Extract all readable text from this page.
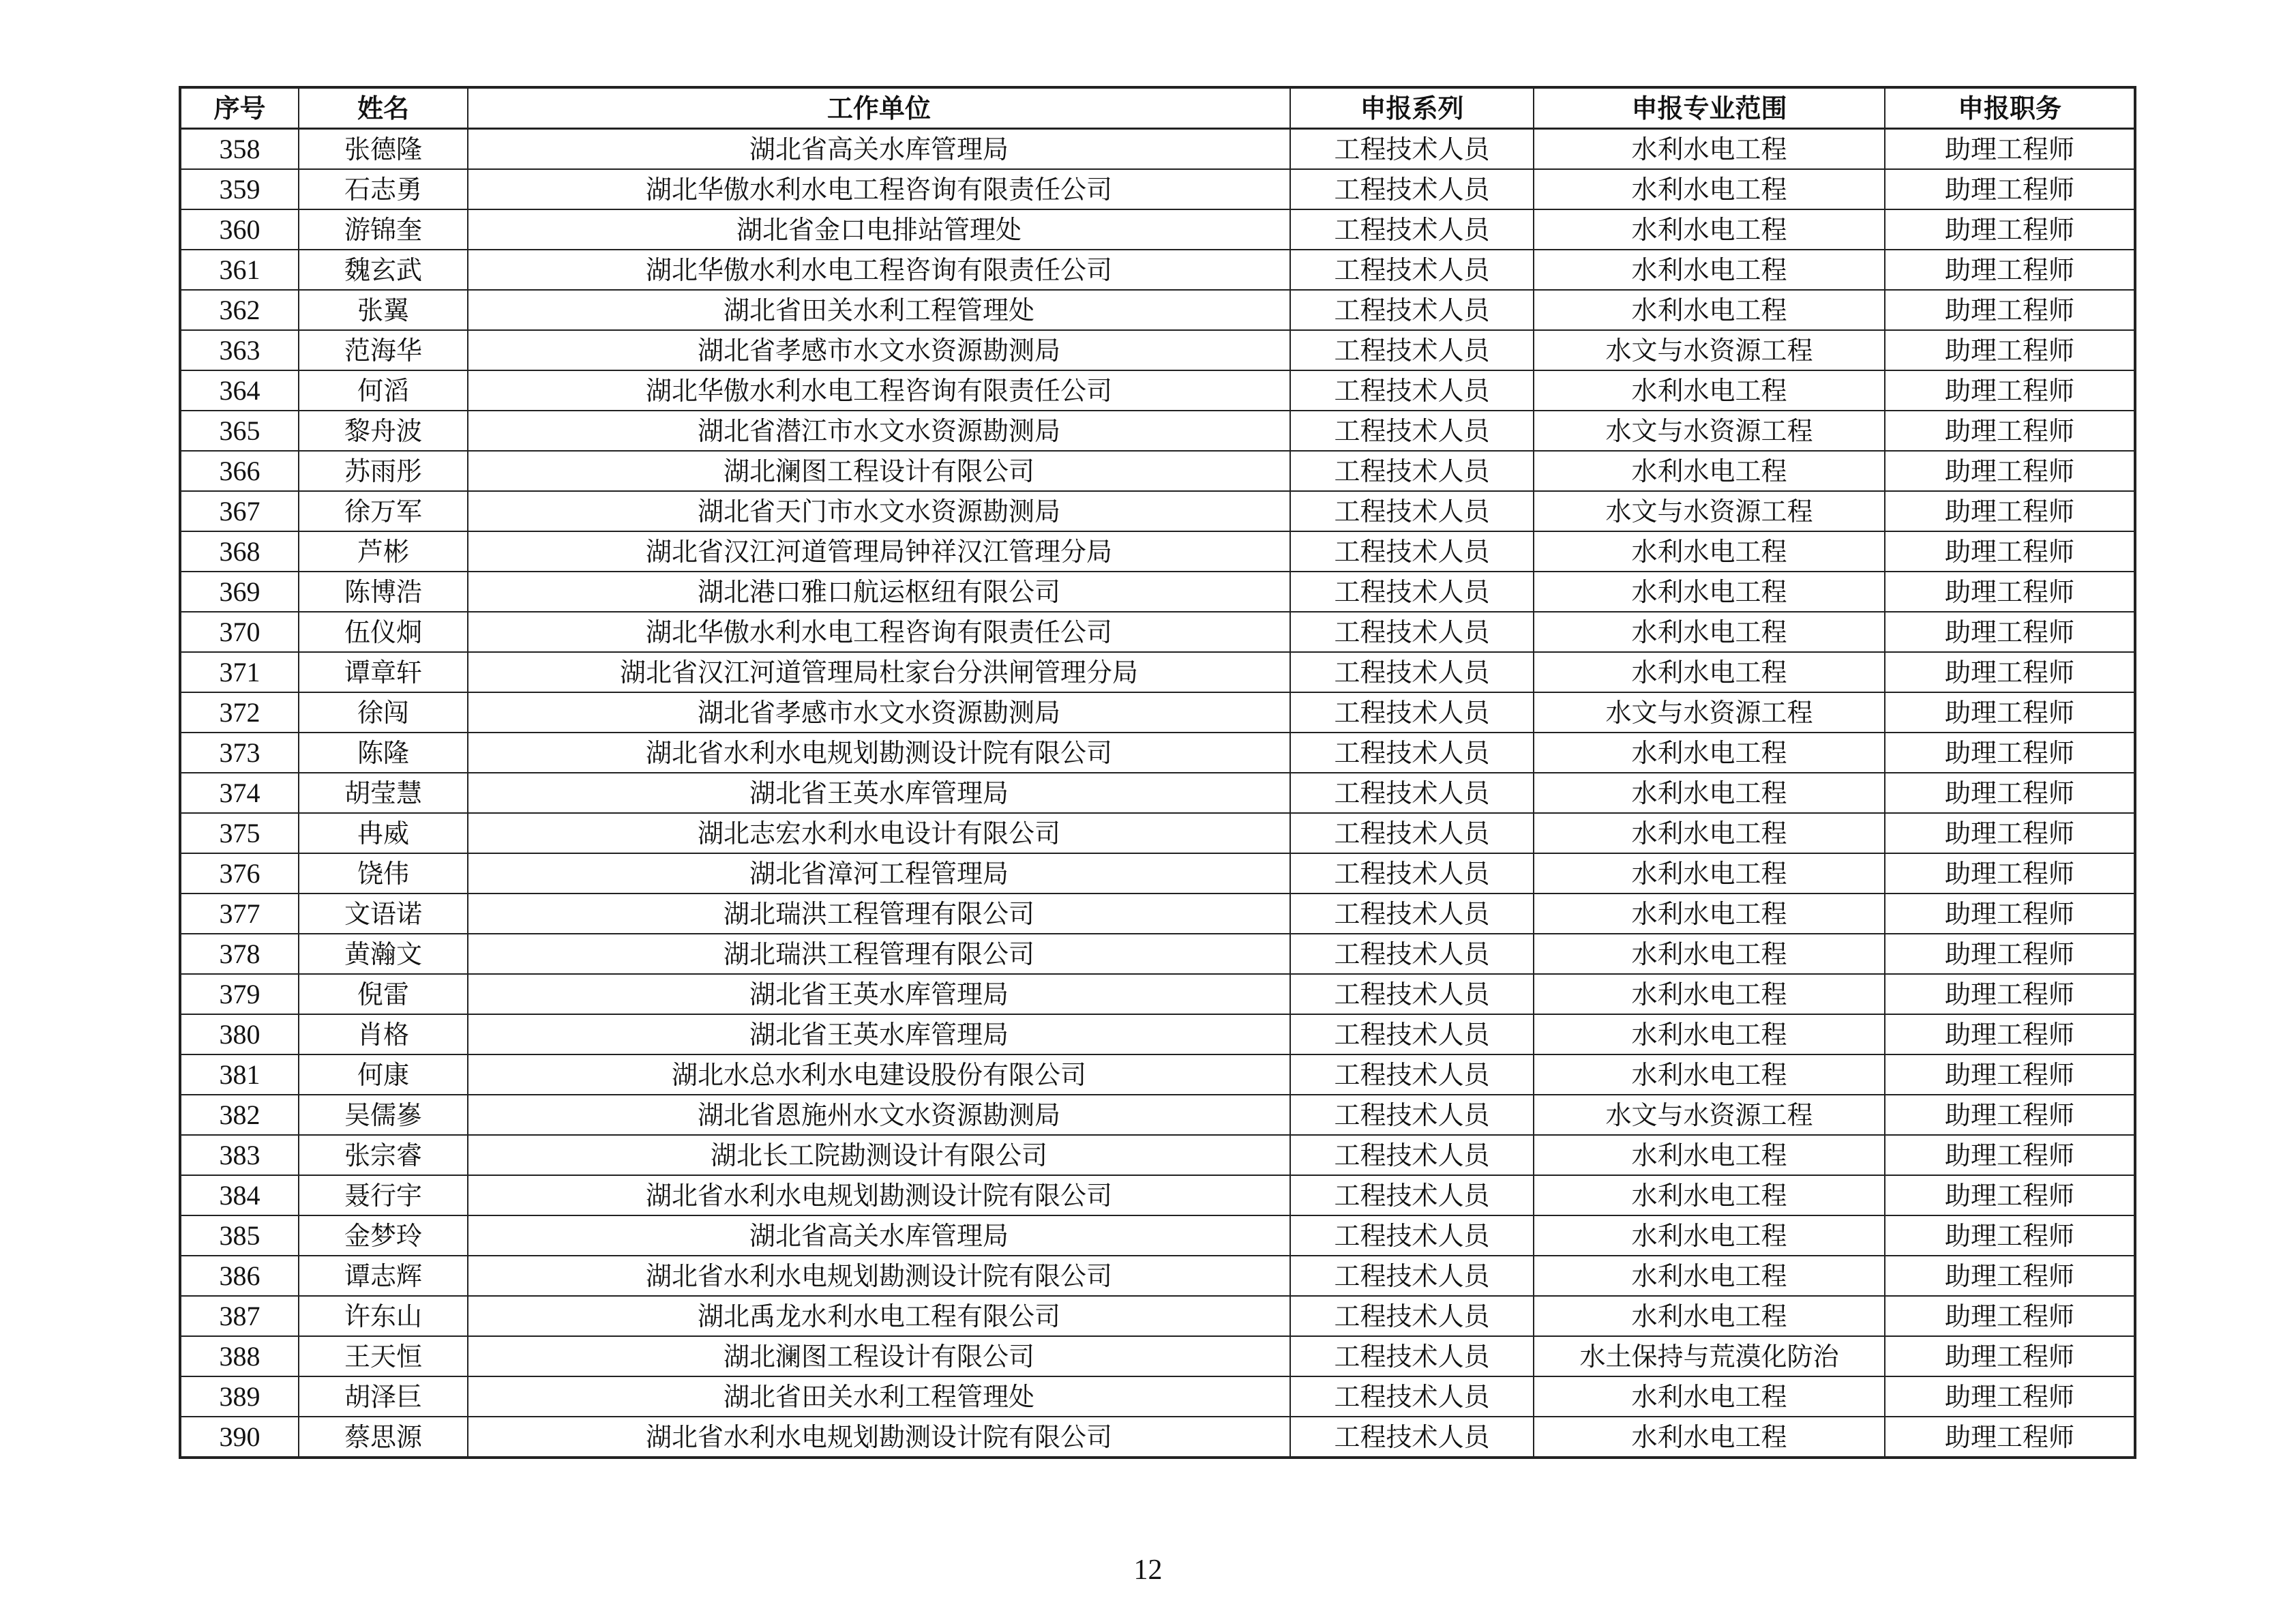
序号	姓名	工作单位	申报系列	申报专业范围	申报职务
358	张德隆	湖北省高关水库管理局	工程技术人员	水利水电工程	助理工程师
359	石志勇	湖北华傲水利水电工程咨询有限责任公司	工程技术人员	水利水电工程	助理工程师
360	游锦奎	湖北省金口电排站管理处	工程技术人员	水利水电工程	助理工程师
361	魏玄武	湖北华傲水利水电工程咨询有限责任公司	工程技术人员	水利水电工程	助理工程师
362	张翼	湖北省田关水利工程管理处	工程技术人员	水利水电工程	助理工程师
363	范海华	湖北省孝感市水文水资源勘测局	工程技术人员	水文与水资源工程	助理工程师
364	何滔	湖北华傲水利水电工程咨询有限责任公司	工程技术人员	水利水电工程	助理工程师
365	黎舟波	湖北省潜江市水文水资源勘测局	工程技术人员	水文与水资源工程	助理工程师
366	苏雨彤	湖北澜图工程设计有限公司	工程技术人员	水利水电工程	助理工程师
367	徐万军	湖北省天门市水文水资源勘测局	工程技术人员	水文与水资源工程	助理工程师
368	芦彬	湖北省汉江河道管理局钟祥汉江管理分局	工程技术人员	水利水电工程	助理工程师
369	陈博浩	湖北港口雅口航运枢纽有限公司	工程技术人员	水利水电工程	助理工程师
370	伍仪炯	湖北华傲水利水电工程咨询有限责任公司	工程技术人员	水利水电工程	助理工程师
371	谭章轩	湖北省汉江河道管理局杜家台分洪闸管理分局	工程技术人员	水利水电工程	助理工程师
372	徐闯	湖北省孝感市水文水资源勘测局	工程技术人员	水文与水资源工程	助理工程师
373	陈隆	湖北省水利水电规划勘测设计院有限公司	工程技术人员	水利水电工程	助理工程师
374	胡莹慧	湖北省王英水库管理局	工程技术人员	水利水电工程	助理工程师
375	冉威	湖北志宏水利水电设计有限公司	工程技术人员	水利水电工程	助理工程师
376	饶伟	湖北省漳河工程管理局	工程技术人员	水利水电工程	助理工程师
377	文语诺	湖北瑞洪工程管理有限公司	工程技术人员	水利水电工程	助理工程师
378	黄瀚文	湖北瑞洪工程管理有限公司	工程技术人员	水利水电工程	助理工程师
379	倪雷	湖北省王英水库管理局	工程技术人员	水利水电工程	助理工程师
380	肖格	湖北省王英水库管理局	工程技术人员	水利水电工程	助理工程师
381	何康	湖北水总水利水电建设股份有限公司	工程技术人员	水利水电工程	助理工程师
382	吴儒嵾	湖北省恩施州水文水资源勘测局	工程技术人员	水文与水资源工程	助理工程师
383	张宗睿	湖北长工院勘测设计有限公司	工程技术人员	水利水电工程	助理工程师
384	聂行宇	湖北省水利水电规划勘测设计院有限公司	工程技术人员	水利水电工程	助理工程师
385	金梦玲	湖北省高关水库管理局	工程技术人员	水利水电工程	助理工程师
386	谭志辉	湖北省水利水电规划勘测设计院有限公司	工程技术人员	水利水电工程	助理工程师
387	许东山	湖北禹龙水利水电工程有限公司	工程技术人员	水利水电工程	助理工程师
388	王天恒	湖北澜图工程设计有限公司	工程技术人员	水土保持与荒漠化防治	助理工程师
389	胡泽巨	湖北省田关水利工程管理处	工程技术人员	水利水电工程	助理工程师
390	蔡思源	湖北省水利水电规划勘测设计院有限公司	工程技术人员	水利水电工程	助理工程师
12
